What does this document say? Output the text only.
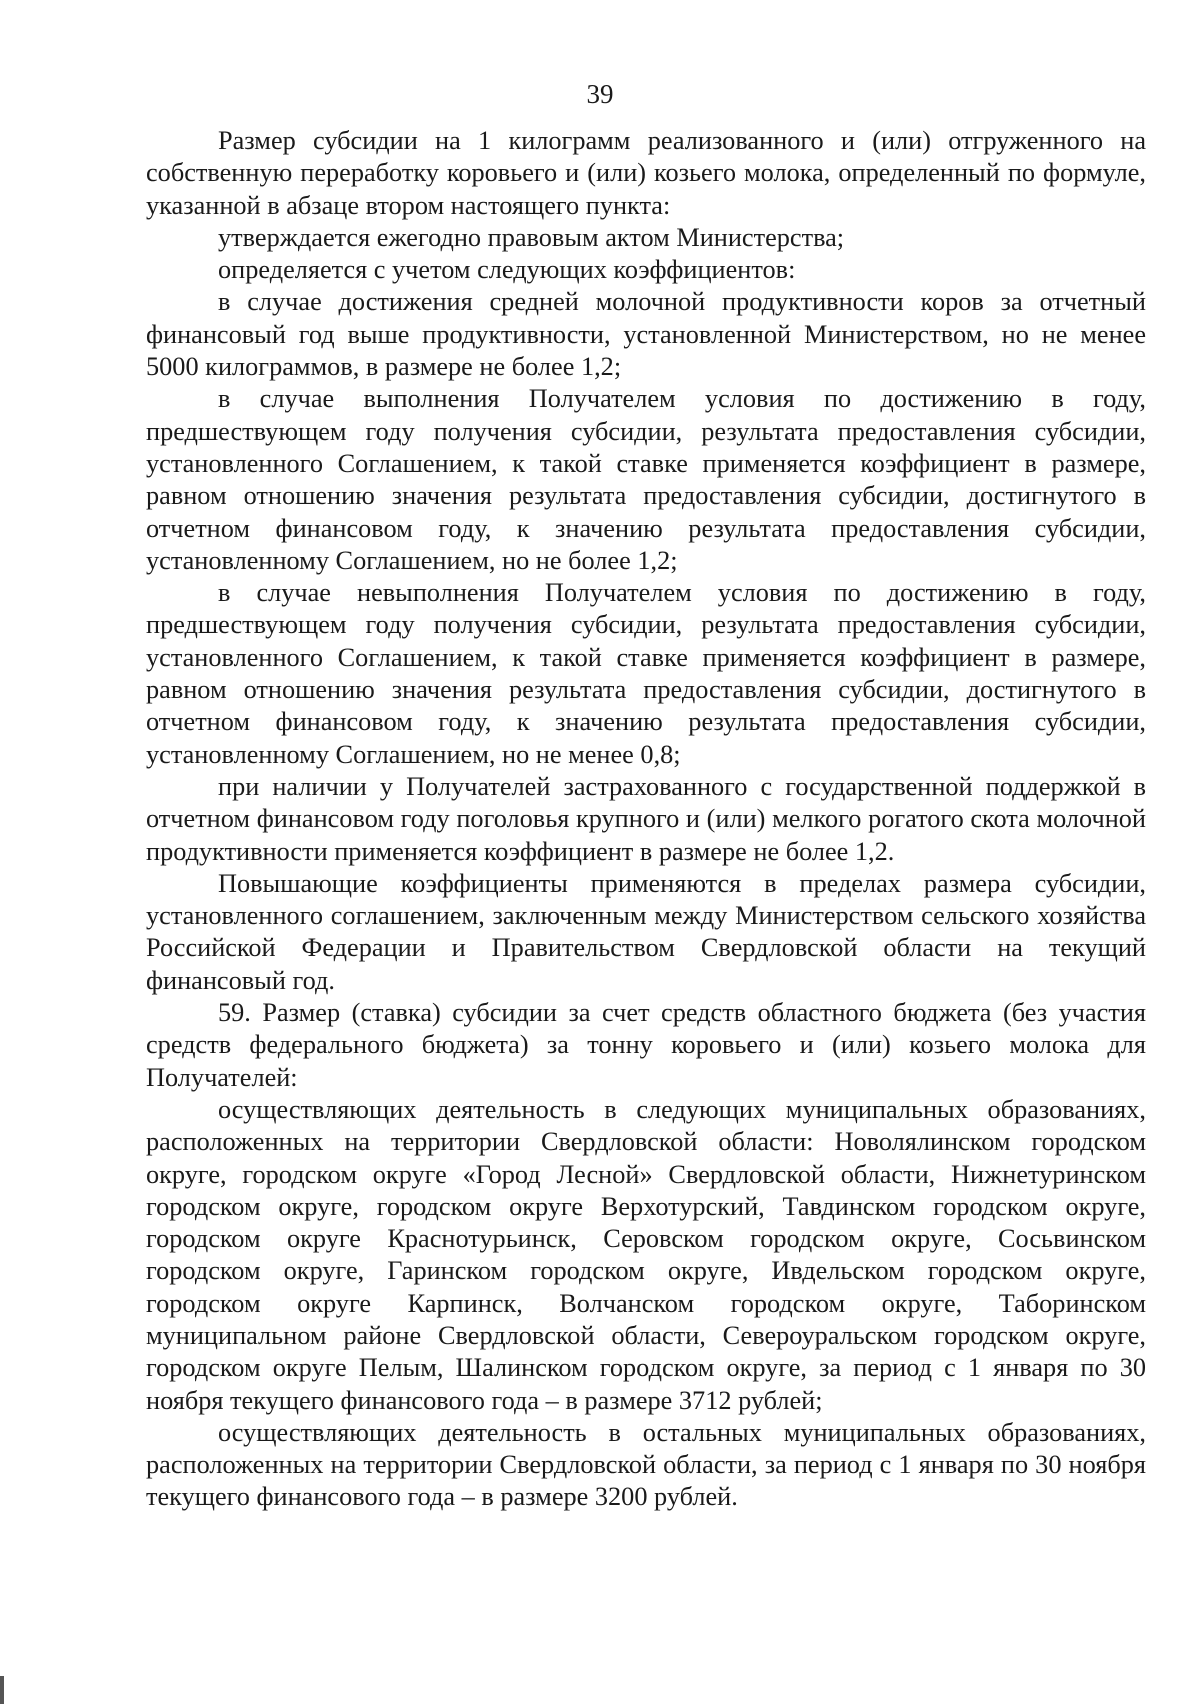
39

Размер субсидии на 1 килограмм реализованного и (или) отгруженного на собственную переработку коровьего и (или) козьего молока, определенный по формуле, указанной в абзаце втором настоящего пункта:

утверждается ежегодно правовым актом Министерства;

определяется с учетом следующих коэффициентов:

в случае достижения средней молочной продуктивности коров за отчетный финансовый год выше продуктивности, установленной Министерством, но не менее 5000 килограммов, в размере не более 1,2;

в случае выполнения Получателем условия по достижению в году, предшествующем году получения субсидии, результата предоставления субсидии, установленного Соглашением, к такой ставке применяется коэффициент в размере, равном отношению значения результата предоставления субсидии, достигнутого в отчетном финансовом году, к значению результата предоставления субсидии, установленному Соглашением, но не более 1,2;

в случае невыполнения Получателем условия по достижению в году, предшествующем году получения субсидии, результата предоставления субсидии, установленного Соглашением, к такой ставке применяется коэффициент в размере, равном отношению значения результата предоставления субсидии, достигнутого в отчетном финансовом году, к значению результата предоставления субсидии, установленному Соглашением, но не менее 0,8;

при наличии у Получателей застрахованного с государственной поддержкой в отчетном финансовом году поголовья крупного и (или) мелкого рогатого скота молочной продуктивности применяется коэффициент в размере не более 1,2.

Повышающие коэффициенты применяются в пределах размера субсидии, установленного соглашением, заключенным между Министерством сельского хозяйства Российской Федерации и Правительством Свердловской области на текущий финансовый год.

59. Размер (ставка) субсидии за счет средств областного бюджета (без участия средств федерального бюджета) за тонну коровьего и (или) козьего молока для Получателей:

осуществляющих деятельность в следующих муниципальных образованиях, расположенных на территории Свердловской области: Новолялинском городском округе, городском округе «Город Лесной» Свердловской области, Нижнетуринском городском округе, городском округе Верхотурский, Тавдинском городском округе, городском округе Краснотурьинск, Серовском городском округе, Сосьвинском городском округе, Гаринском городском округе, Ивдельском городском округе, городском округе Карпинск, Волчанском городском округе, Таборинском муниципальном районе Свердловской области, Североуральском городском округе, городском округе Пелым, Шалинском городском округе, за период с 1 января по 30 ноября текущего финансового года – в размере 3712 рублей;

осуществляющих деятельность в остальных муниципальных образованиях, расположенных на территории Свердловской области, за период с 1 января по 30 ноября текущего финансового года – в размере 3200 рублей.
